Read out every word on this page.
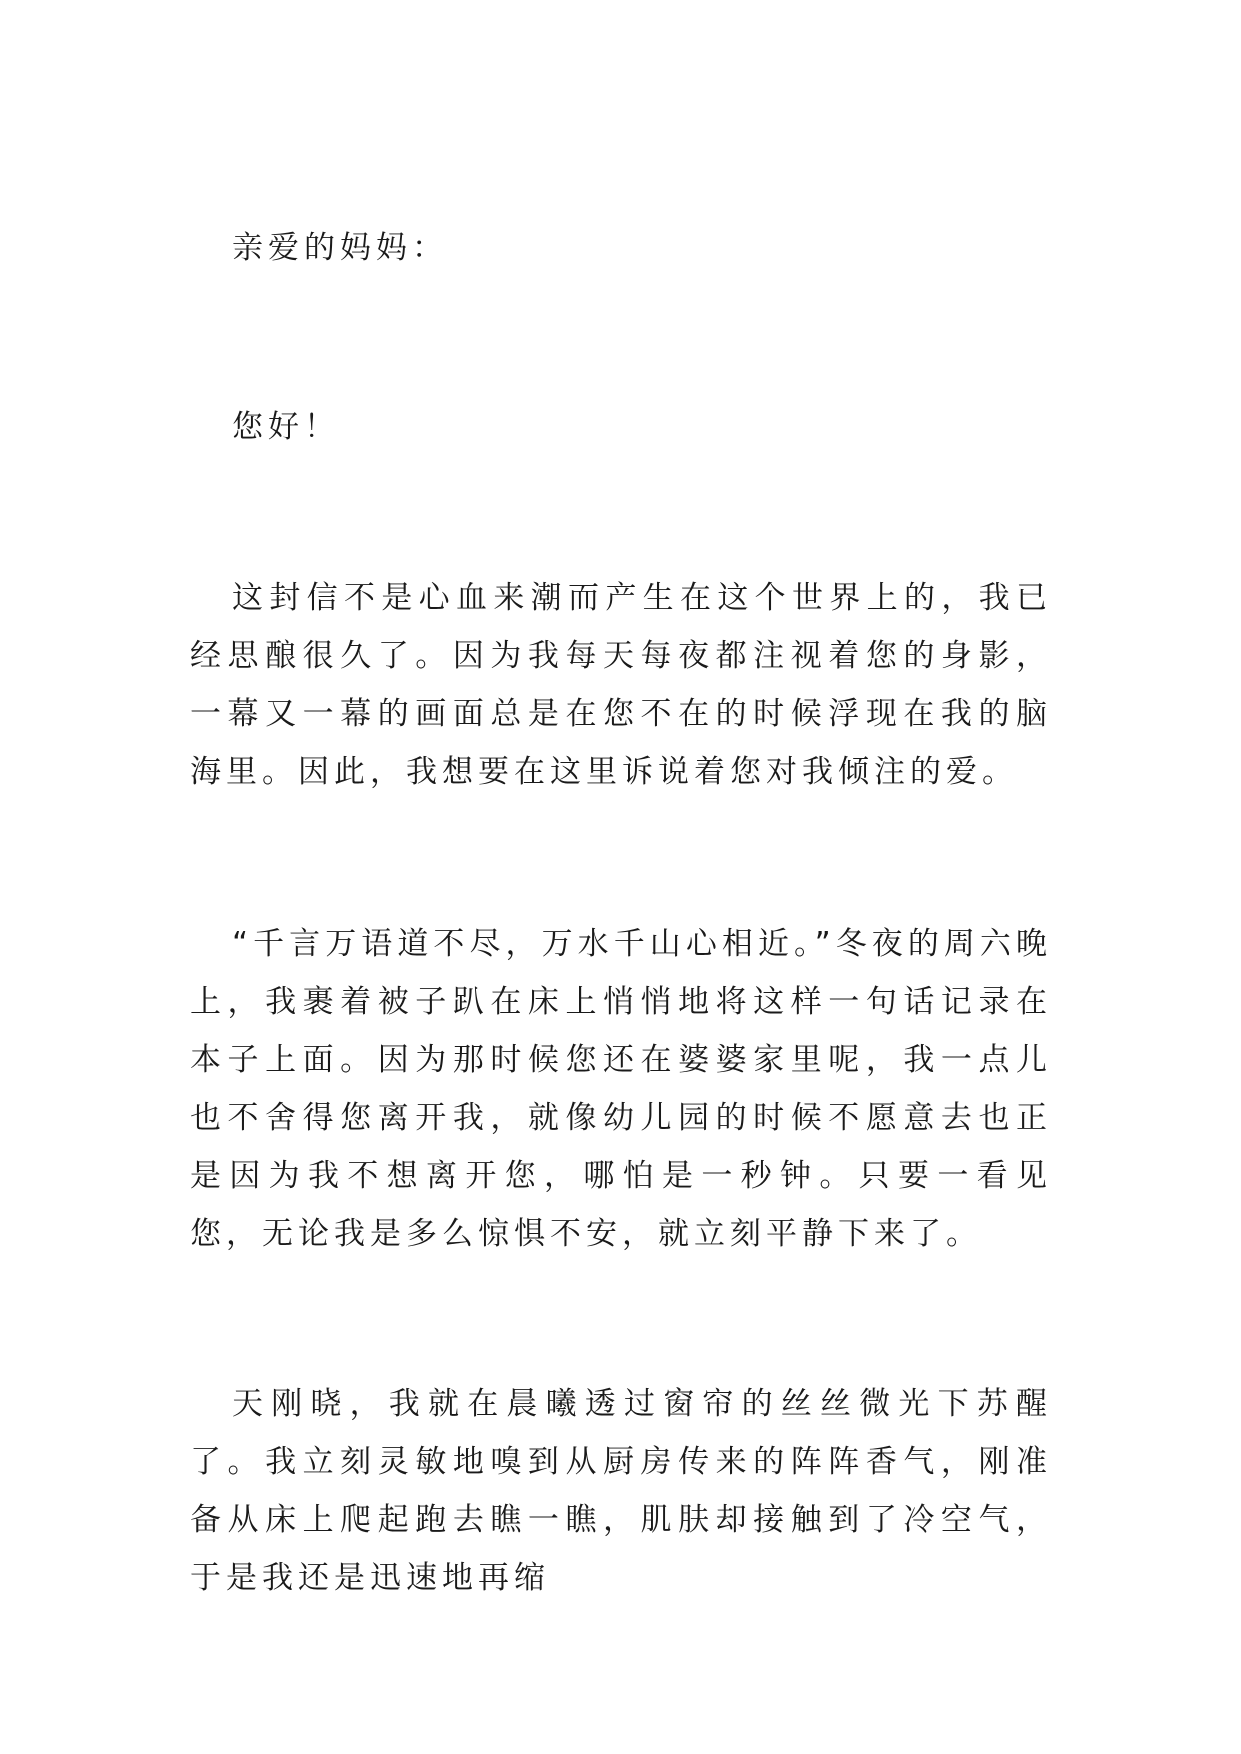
亲爱的妈妈：

您好！

这封信不是心血来潮而产生在这个世界上的，我已经思酿很久了。因为我每天每夜都注视着您的身影，一幕又一幕的画面总是在您不在的时候浮现在我的脑海里。因此，我想要在这里诉说着您对我倾注的爱。

“千言万语道不尽，万水千山心相近。”冬夜的周六晚上，我裹着被子趴在床上悄悄地将这样一句话记录在本子上面。因为那时候您还在婆婆家里呢，我一点儿也不舍得您离开我，就像幼儿园的时候不愿意去也正是因为我不想离开您，哪怕是一秒钟。只要一看见您，无论我是多么惊惧不安，就立刻平静下来了。

天刚晓，我就在晨曦透过窗帘的丝丝微光下苏醒了。我立刻灵敏地嗅到从厨房传来的阵阵香气，刚准备从床上爬起跑去瞧一瞧，肌肤却接触到了冷空气，于是我还是迅速地再缩
